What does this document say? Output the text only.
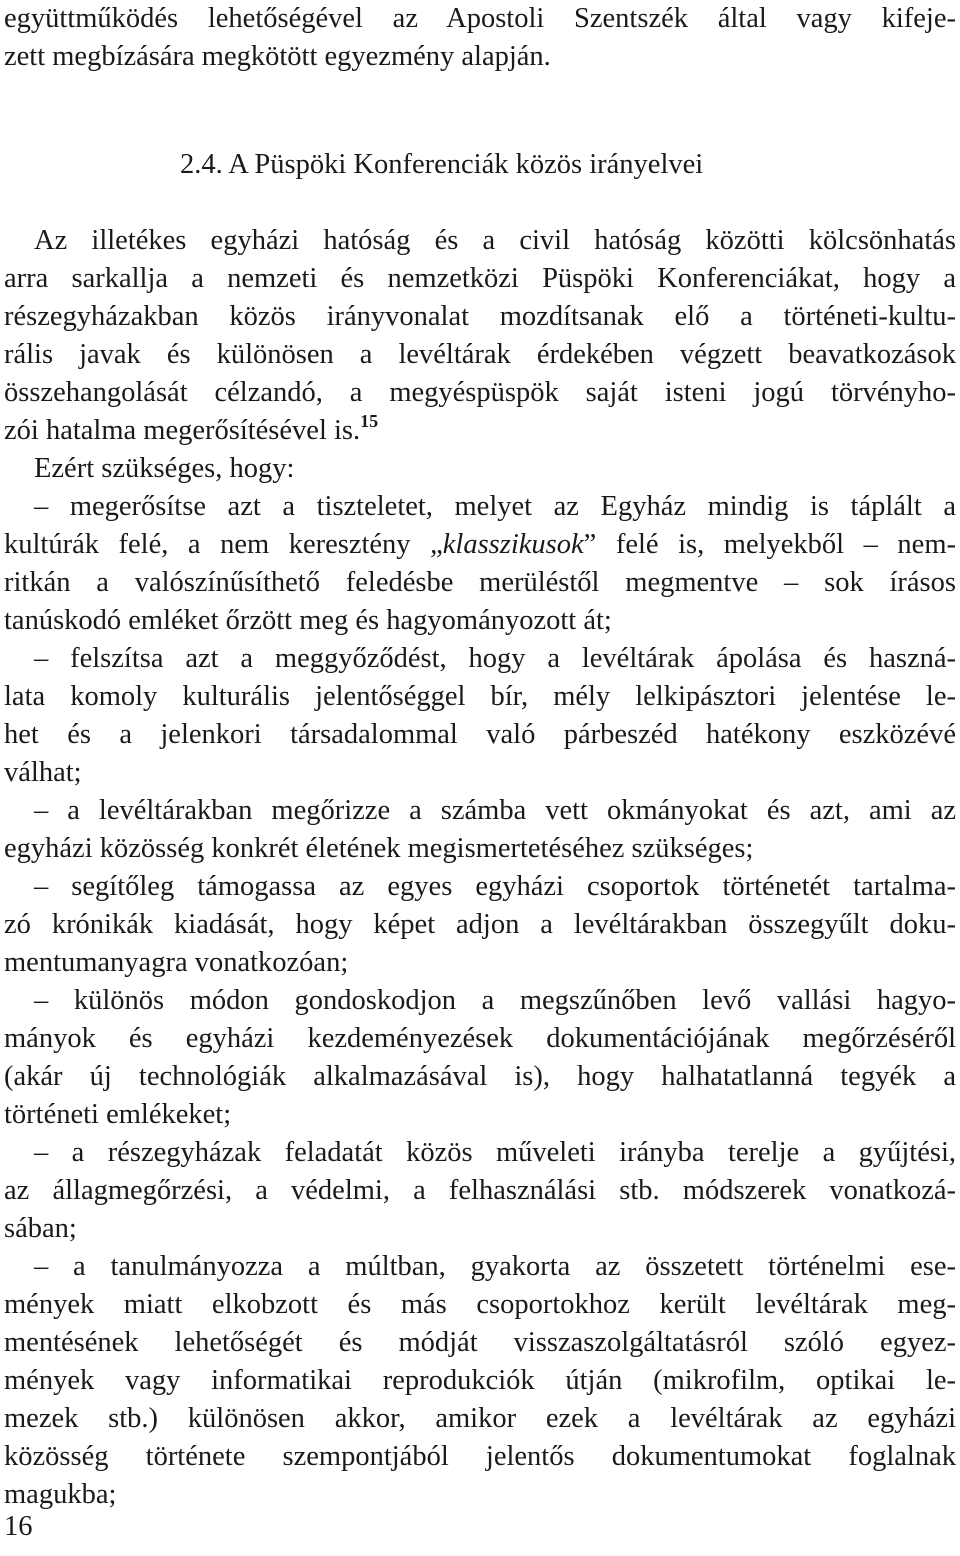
együttműködés lehetőségével az Apostoli Szentszék által vagy kifeje-
zett megbízására megkötött egyezmény alapján.
2.4. A Püspöki Konferenciák közös irányelvei
Az illetékes egyházi hatóság és a civil hatóság közötti kölcsönhatás
arra sarkallja a nemzeti és nemzetközi Püspöki Konferenciákat, hogy a
részegyházakban közös irányvonalat mozdítsanak elő a történeti-kultu-
rális javak és különösen a levéltárak érdekében végzett beavatkozások
összehangolását célzandó, a megyéspüspök saját isteni jogú törvényho-
zói hatalma megerősítésével is.$^{15}$
Ezért szükséges, hogy:
– megerősítse azt a tiszteletet, melyet az Egyház mindig is táplált a
kultúrák felé, a nem keresztény „klasszikusok” felé is, melyekből – nem-
ritkán a valószínűsíthető feledésbe merüléstől megmentve – sok írásos
tanúskodó emléket őrzött meg és hagyományozott át;
– felszítsa azt a meggyőződést, hogy a levéltárak ápolása és haszná-
lata komoly kulturális jelentőséggel bír, mély lelkipásztori jelentése le-
het és a jelenkori társadalommal való párbeszéd hatékony eszközévé
válhat;
– a levéltárakban megőrizze a számba vett okmányokat és azt, ami az
egyházi közösség konkrét életének megismertetéséhez szükséges;
– segítőleg támogassa az egyes egyházi csoportok történetét tartalma-
zó krónikák kiadását, hogy képet adjon a levéltárakban összegyűlt doku-
mentumanyagra vonatkozóan;
– különös módon gondoskodjon a megszűnőben levő vallási hagyo-
mányok és egyházi kezdeményezések dokumentációjának megőrzéséről
(akár új technológiák alkalmazásával is), hogy halhatatlanná tegyék a
történeti emlékeket;
– a részegyházak feladatát közös műveleti irányba terelje a gyűjtési,
az állagmegőrzési, a védelmi, a felhasználási stb. módszerek vonatkozá-
sában;
– a tanulmányozza a múltban, gyakorta az összetett történelmi ese-
mények miatt elkobzott és más csoportokhoz került levéltárak meg-
mentésének lehetőségét és módját visszaszolgáltatásról szóló egyez-
mények vagy informatikai reprodukciók útján (mikrofilm, optikai le-
mezek stb.) különösen akkor, amikor ezek a levéltárak az egyházi
közösség története szempontjából jelentős dokumentumokat foglalnak
magukba;
16
